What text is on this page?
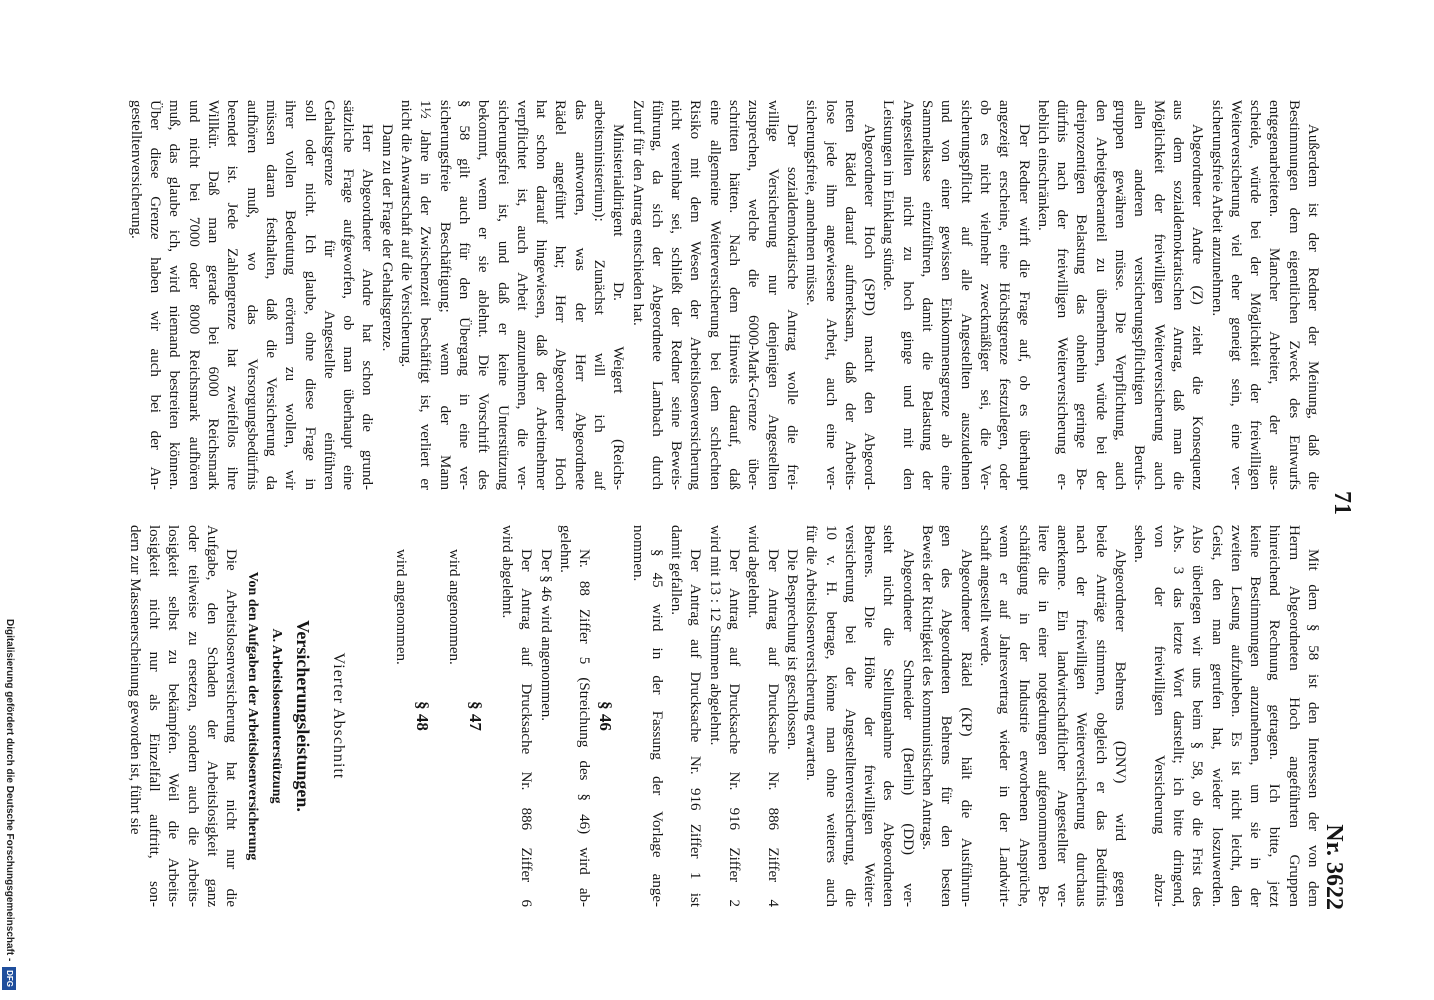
71
Nr. 3622
Außerdem ist der Redner der Meinung, daß die
Bestimmungen dem eigentlichen Zweck des Entwurfs
entgegenarbeiteten. Mancher Arbeiter, der aus-
scheide, würde bei der Möglichkeit der freiwilligen
Weiterversicherung viel eher geneigt sein, eine ver-
sicherungsfreie Arbeit anzunehmen.
Abgeordneter Andre (Z) zieht die Konsequenz
aus dem sozialdemokratischen Antrag, daß man die
Möglichkeit der freiwilligen Weiterversicherung auch
allen anderen versicherungspflichtigen Berufs-
gruppen gewähren müsse. Die Verpflichtung, auch
den Arbeitgeberanteil zu übernehmen, würde bei der
dreiprozentigen Belastung das ohnehin geringe Be-
dürfnis nach der freiwilligen Weiterversicherung er-
heblich einschränken.
Der Redner wirft die Frage auf, ob es überhaupt
angezeigt erscheine, eine Höchstgrenze festzulegen, oder
ob es nicht vielmehr zweckmäßiger sei, die Ver-
sicherungspflicht auf alle Angestellten auszudehnen
und von einer gewissen Einkommensgrenze ab eine
Sammelkasse einzuführen, damit die Belastung der
Angestellten nicht zu hoch ginge und mit den
Leistungen im Einklang stünde.
Abgeordneter Hoch (SPD) macht den Abgeord-
neten Rädel darauf aufmerksam, daß der Arbeits-
lose jede ihm angewiesene Arbeit, auch eine ver-
sicherungsfreie, annehmen müsse.
Der sozialdemokratische Antrag wolle die frei-
willige Versicherung nur denjenigen Angestellten
zusprechen, welche die 6000-Mark-Grenze über-
schritten hätten. Nach dem Hinweis darauf, daß
eine allgemeine Weiterversicherung bei dem schlechten
Risiko mit dem Wesen der Arbeitslosenversicherung
nicht vereinbar sei, schließt der Redner seine Beweis-
führung, da sich der Abgeordnete Lambach durch
Zuruf für den Antrag entschieden hat.
Ministerialdirigent Dr. Weigert (Reichs-
arbeitsministerium): Zunächst will ich auf
das antworten, was der Herr Abgeordnete
Rädel angeführt hat; Herr Abgeordneter Hoch
hat schon darauf hingewiesen, daß der Arbeitnehmer
verpflichtet ist, auch Arbeit anzunehmen, die ver-
sicherungsfrei ist, und daß er keine Unterstützung
bekommt, wenn er sie ablehnt. Die Vorschrift des
§ 58 gilt auch für den Übergang in eine ver-
sicherungsfreie Beschäftigung; wenn der Mann
1½ Jahre in der Zwischenzeit beschäftigt ist, verliert er
nicht die Anwartschaft auf die Versicherung.
Dann zu der Frage der Gehaltsgrenze.
Herr Abgeordneter Andre hat schon die grund-
sätzliche Frage aufgeworfen, ob man überhaupt eine
Gehaltsgrenze für Angestellte einführen
soll oder nicht. Ich glaube, ohne diese Frage in
ihrer vollen Bedeutung erörtern zu wollen, wir
müssen daran festhalten, daß die Versicherung da
aufhören muß, wo das Versorgungsbedürfnis
beendet ist. Jede Zahlengrenze hat zweifellos ihre
Willkür. Daß man gerade bei 6000 Reichsmark
und nicht bei 7000 oder 8000 Reichsmark aufhören
muß, das glaube ich, wird niemand bestreiten können.
Über diese Grenze haben wir auch bei der An-
gestelltenversicherung.
Mit dem § 58 ist den Interessen der von dem
Herrn Abgeordneten Hoch angeführten Gruppen
hinreichend Rechnung getragen. Ich bitte, jetzt
keine Bestimmungen anzunehmen, um sie in der
zweiten Lesung aufzuheben. Es ist nicht leicht, den
Geist, den man gerufen hat, wieder loszuwerden.
Also überlegen wir uns beim § 58, ob die Frist des
Abs. 3 das letzte Wort darstellt; ich bitte dringend,
von der freiwilligen Versicherung abzu-
sehen.
Abgeordneter Behrens (DNV) wird gegen
beide Anträge stimmen, obgleich er das Bedürfnis
nach der freiwilligen Weiterversicherung durchaus
anerkenne. Ein landwirtschaftlicher Angestellter ver-
liere die in einer notgedrungen aufgenommenen Be-
schäftigung in der Industrie erworbenen Ansprüche,
wenn er auf Jahresvertrag wieder in der Landwirt-
schaft angestellt werde.
Abgeordneter Rädel (KP) hält die Ausführun-
gen des Abgeordneten Behrens für den besten
Beweis der Richtigkeit des kommunistischen Antrags.
Abgeordneter Schneider (Berlin) (DD) ver-
steht nicht die Stellungnahme des Abgeordneten
Behrens. Die Höhe der freiwilligen Weiter-
versicherung bei der Angestelltenversicherung, die
10 v. H. betrage, könne man ohne weiteres auch
für die Arbeitslosenversicherung erwarten.
Die Besprechung ist geschlossen.
Der Antrag auf Drucksache Nr. 886 Ziffer 4
wird abgelehnt.
Der Antrag auf Drucksache Nr. 916 Ziffer 2
wird mit 13 : 12 Stimmen abgelehnt.
Der Antrag auf Drucksache Nr. 916 Ziffer 1 ist
damit gefallen.
§ 45 wird in der Fassung der Vorlage ange-
nommen.
§ 46
Nr. 88 Ziffer 5 (Streichung des § 46) wird ab-
gelehnt.
Der § 46 wird angenommen.
Der Antrag auf Drucksache Nr. 886 Ziffer 6
wird abgelehnt.
§ 47
wird angenommen.
§ 48
wird angenommen.
Vierter Abschnitt
Versicherungsleistungen.
A. Arbeitslosenunterstützung
Von den Aufgaben der Arbeitslosenversicherung
Die Arbeitslosenversicherung hat nicht nur die
Aufgabe, den Schaden der Arbeitslosigkeit ganz
oder teilweise zu ersetzen, sondern auch die Arbeits-
losigkeit selbst zu bekämpfen. Weil die Arbeits-
losigkeit nicht nur als Einzelfall auftritt, son-
dern zur Massenerscheinung geworden ist, führt sie
Digitalisierung gefördert durch die Deutsche Forschungsgemeinschaft - DFG
